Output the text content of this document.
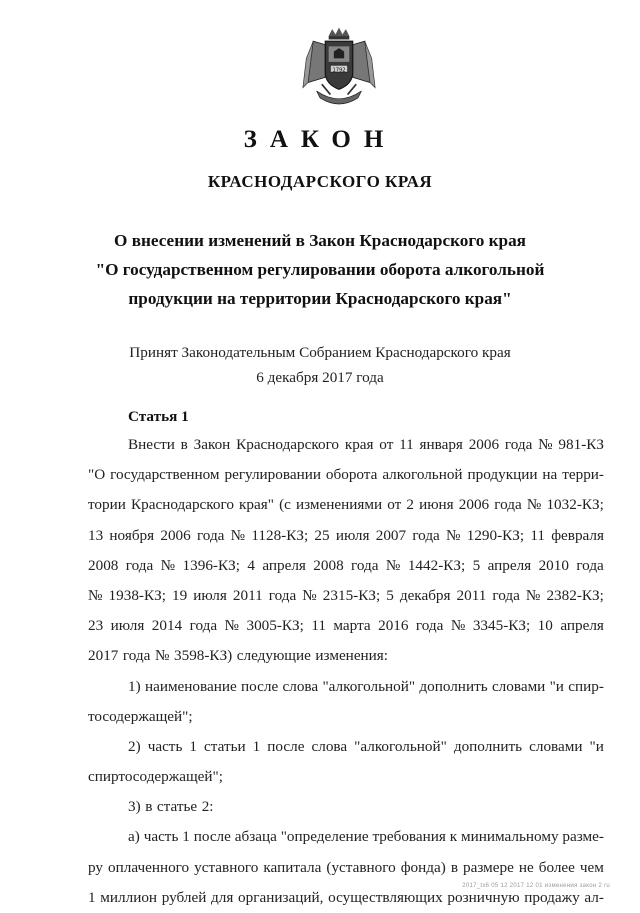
1792
ЗАКОН
КРАСНОДАРСКОГО КРАЯ
О внесении изменений в Закон Краснодарского края
"О государственном регулировании оборота алкогольной
продукции на территории Краснодарского края"
Принят Законодательным Собранием Краснодарского края
6 декабря 2017 года
Статья 1
Внести в Закон Краснодарского края от 11 января 2006 года № 981-КЗ
"О государственном регулировании оборота алкогольной продукции на терри-
тории Краснодарского края" (с изменениями от 2 июня 2006 года № 1032-КЗ;
13 ноября 2006 года № 1128-КЗ; 25 июля 2007 года № 1290-КЗ; 11 февраля
2008 года № 1396-КЗ; 4 апреля 2008 года № 1442-КЗ; 5 апреля 2010 года
№ 1938-КЗ; 19 июля 2011 года № 2315-КЗ; 5 декабря 2011 года № 2382-КЗ;
23 июля 2014 года № 3005-КЗ; 11 марта 2016 года № 3345-КЗ; 10 апреля
2017 года № 3598-КЗ) следующие изменения:
1) наименование после слова "алкогольной" дополнить словами "и спир-
тосодержащей";
2) часть 1 статьи 1 после слова "алкогольной" дополнить словами "и
спиртосодержащей";
3) в статье 2:
а) часть 1 после абзаца "определение требования к минимальному разме-
ру оплаченного уставного капитала (уставного фонда) в размере не более чем
1 миллион рублей для организаций, осуществляющих розничную продажу ал-
2017_tx6 05 12 2017 12 01 изменения закон 2 ru
